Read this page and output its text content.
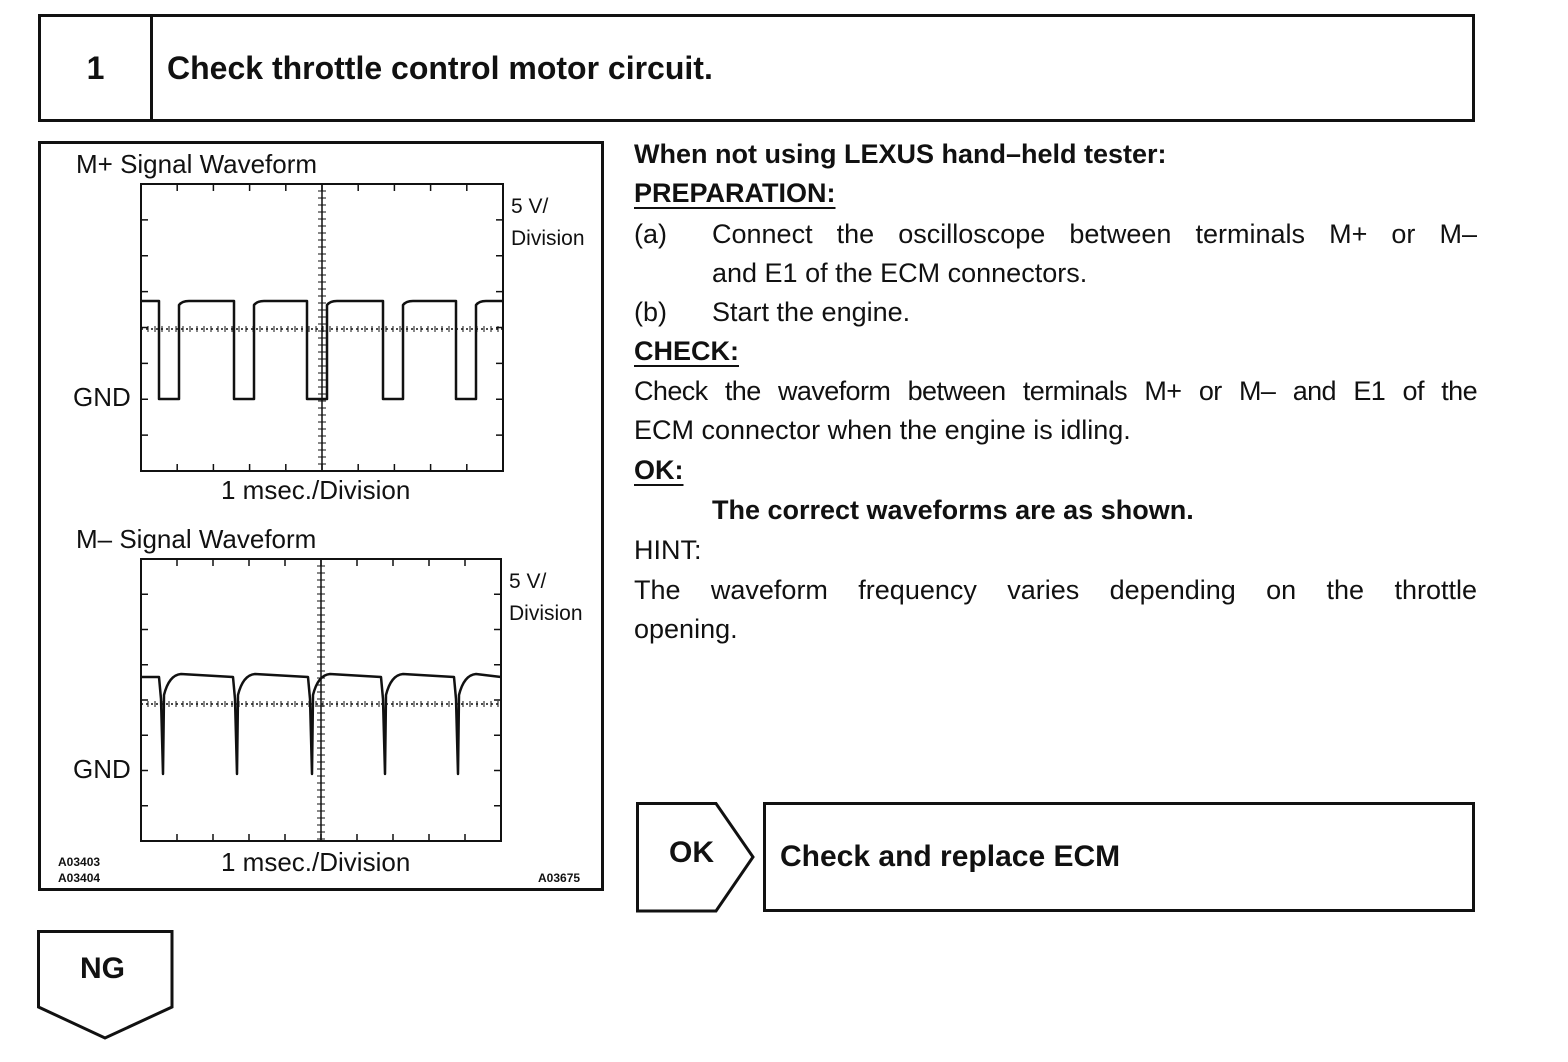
1	Check throttle control motor circuit.
M+ Signal Waveform
5 V/
Division
GND
1 msec./Division
M– Signal Waveform
5 V/
Division
GND
1 msec./Division
A03403
A03404	A03675
When not using LEXUS hand–held tester:
PREPARATION:
(a) Connect the oscilloscope between terminals M+ or M–
and E1 of the ECM connectors.
(b) Start the engine.
CHECK:
Check the waveform between terminals M+ or M– and E1 of the
ECM connector when the engine is idling.
OK:
The correct waveforms are as shown.
HINT:
The waveform frequency varies depending on the throttle
opening.
OK Check and replace ECM
NG
